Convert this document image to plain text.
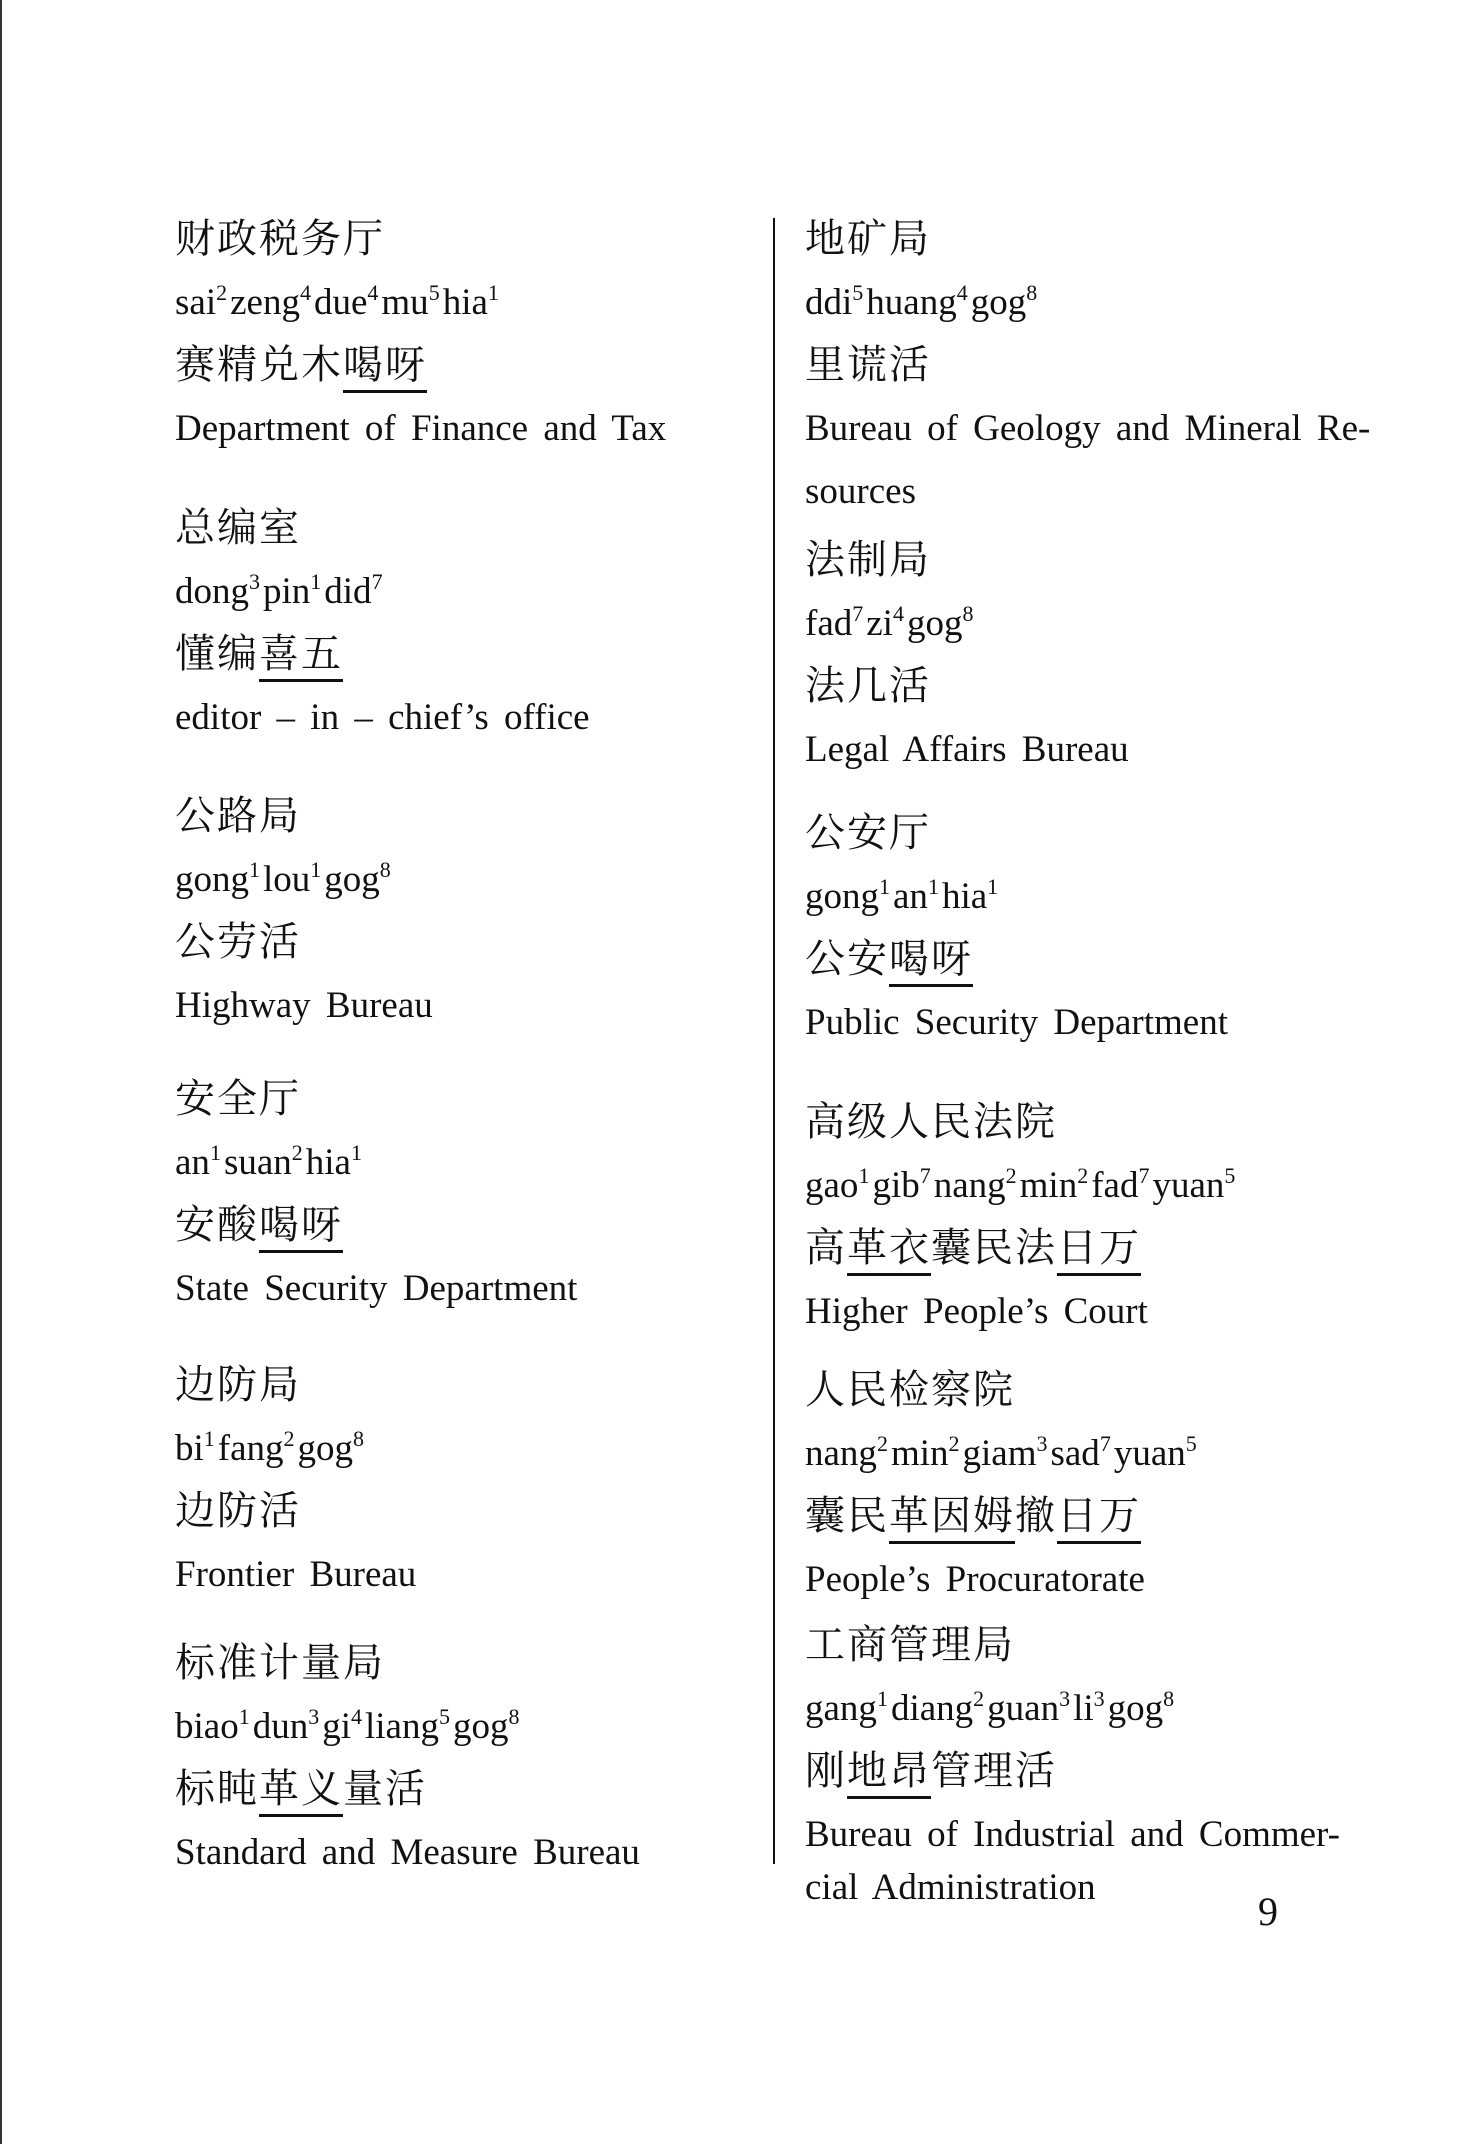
财政税务厅
$sai^2zeng^4due^4mu^5hia^1$
赛精兑木喝呀
Department of Finance and Tax
总编室
dong$^3$pin$^1$did$^7$
懂编喜五
editor – in – chief’s office
公路局
gong$^1$lou$^1$gog$^8$
公劳活
Highway Bureau
安全厅
$an^1suan^2hia^1$
安酸喝呀
State Security Department
边防局
$bi^1fang^2gog^8$
边防活
Frontier Bureau
标准计量局
$biao^1dun^3gi^4liang^5gog^8$
标盹革义量活
Standard and Measure Bureau
地矿局
ddi$^5$huang$^4$gog$^8$
里谎活
Bureau of Geology and Mineral Re-
sources
法制局
$fad^7zi^4gog^8$
法几活
Legal Affairs Bureau
公安厅
$gong^1an^1hia^1$
公安喝呀
Public Security Department
高级人民法院
$gao^1gib^7nang^2\min^2fad^7yuan^5$
高革衣囊民法日万
Higher People’s Court
人民检察院
$nang^2\min^2giam^3sad^7yuan^5$
囊民革因姆撤日万
People’s Procuratorate
工商管理局
$gang^1diang^2guan^3li^3gog^8$
刚地昂管理活
Bureau of Industrial and Commer-
cial Administration
9
